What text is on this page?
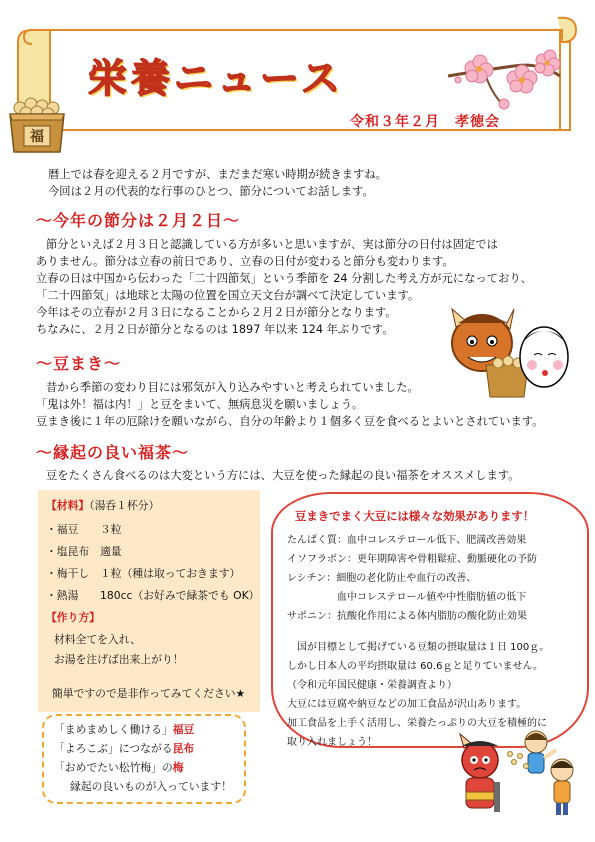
福
栄養ニュース
令和３年２月　孝徳会
暦上では春を迎える２月ですが、まだまだ寒い時期が続きますね。
今回は２月の代表的な行事のひとつ、節分についてお話します。
～今年の節分は２月２日～
節分といえば２月３日と認識している方が多いと思いますが、実は節分の日付は固定では
ありません。節分は立春の前日であり、立春の日付が変わると節分も変わります。
立春の日は中国から伝わった「二十四節気」という季節を 24 分割した考え方が元になっており、
「二十四節気」は地球と太陽の位置を国立天文台が調べて決定しています。
今年はその立春が２月３日になることから２月２日が節分となります。
ちなみに、２月２日が節分となるのは 1897 年以来 124 年ぶりです。
～豆まき～
昔から季節の変わり目には邪気が入り込みやすいと考えられていました。
「鬼は外！福は内！」と豆をまいて、無病息災を願いましょう。
豆まき後に１年の厄除けを願いながら、自分の年齢より１個多く豆を食べるとよいとされています。
～縁起の良い福茶～
豆をたくさん食べるのは大変という方には、大豆を使った縁起の良い福茶をオススメします。
【材料】（湯呑１杯分）
・福豆　　３粒
・塩昆布　適量
・梅干し　１粒（種は取っておきます）
・熱湯　　180cc（お好みで緑茶でも OK）
【作り方】
材料全てを入れ、
お湯を注げば出来上がり！
簡単ですので是非作ってみてください★
「まめまめしく働ける」福豆
「よろこぶ」につながる昆布
「おめでたい松竹梅」の梅
縁起の良いものが入っています！
豆まきでまく大豆には様々な効果があります！
たんぱく質：血中コレステロール低下、肥満改善効果
イソフラボン：更年期障害や骨粗鬆症、動脈硬化の予防
レシチン：細胞の老化防止や血行の改善、
　　　　　血中コレステロール値や中性脂肪値の低下
サポニン：抗酸化作用による体内脂肪の酸化防止効果
国が目標として掲げている豆類の摂取量は１日 100ｇ。
しかし日本人の平均摂取量は 60.6ｇと足りていません。
（令和元年国民健康・栄養調査より）
大豆には豆腐や納豆などの加工食品が沢山あります。
加工食品を上手く活用し、栄養たっぷりの大豆を積極的に
取り入れましょう！
